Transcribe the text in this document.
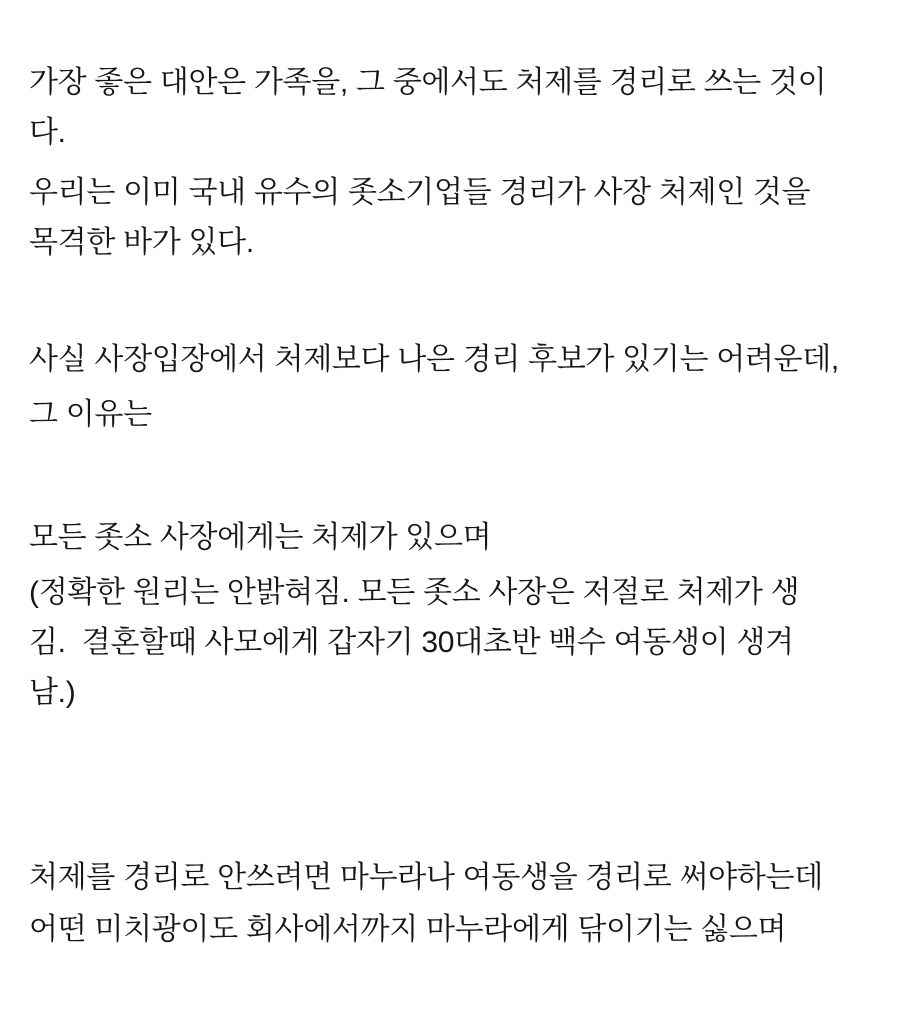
가장 좋은 대안은 가족을, 그 중에서도 처제를 경리로 쓰는 것이
다.
우리는 이미 국내 유수의 좃소기업들 경리가 사장 처제인 것을
목격한 바가 있다.
사실 사장입장에서 처제보다 나은 경리 후보가 있기는 어려운데,
그 이유는
모든 좃소 사장에게는 처제가 있으며
(정확한 원리는 안밝혀짐. 모든 좃소 사장은 저절로 처제가 생
김.  결혼할때 사모에게 갑자기 30대초반 백수 여동생이 생겨
남.)
처제를 경리로 안쓰려면 마누라나 여동생을 경리로 써야하는데
어떤 미치광이도 회사에서까지 마누라에게 닦이기는 싫으며
